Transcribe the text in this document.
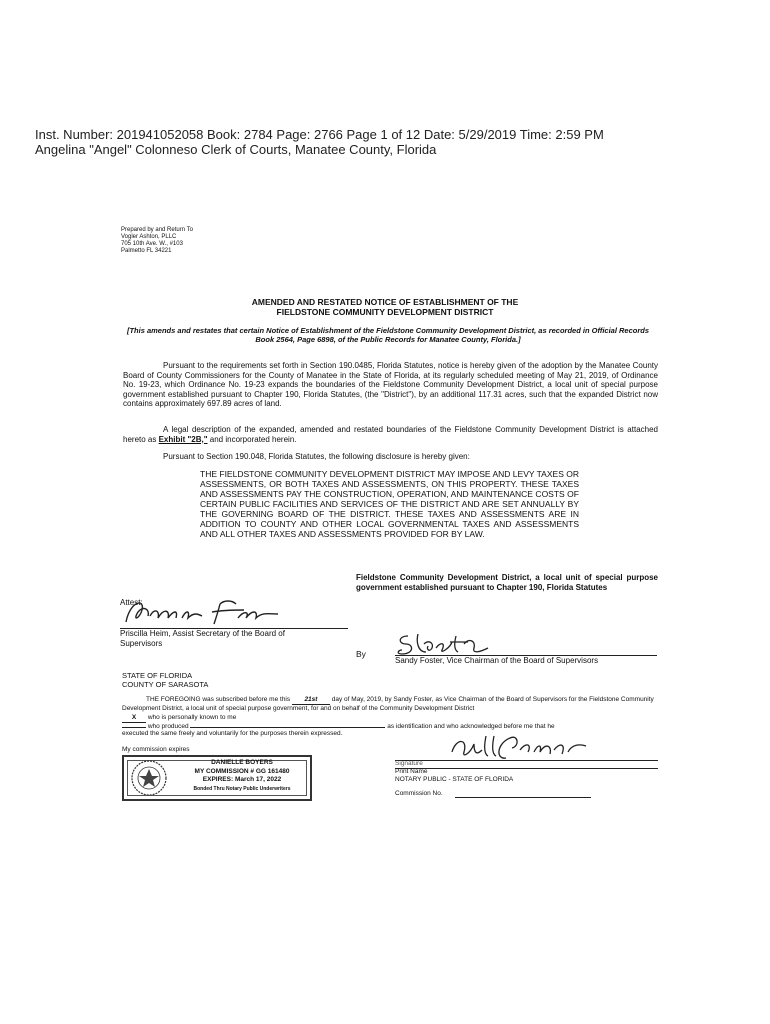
Inst. Number: 201941052058 Book: 2784 Page: 2766 Page 1 of 12 Date: 5/29/2019 Time: 2:59 PM
Angelina "Angel" Colonneso Clerk of Courts, Manatee County, Florida
Prepared by and Return To
Vogler Ashton, PLLC
705 10th Ave. W., #103
Palmetto FL 34221
AMENDED AND RESTATED NOTICE OF ESTABLISHMENT OF THE
FIELDSTONE COMMUNITY DEVELOPMENT DISTRICT
[This amends and restates that certain Notice of Establishment of the Fieldstone Community Development District, as recorded in Official Records Book 2564, Page 6898, of the Public Records for Manatee County, Florida.]
Pursuant to the requirements set forth in Section 190.0485, Florida Statutes, notice is hereby given of the adoption by the Manatee County Board of County Commissioners for the County of Manatee in the State of Florida, at its regularly scheduled meeting of May 21, 2019, of Ordinance No. 19-23, which Ordinance No. 19-23 expands the boundaries of the Fieldstone Community Development District, a local unit of special purpose government established pursuant to Chapter 190, Florida Statutes, (the "District"), by an additional 117.31 acres, such that the expanded District now contains approximately 697.89 acres of land.
A legal description of the expanded, amended and restated boundaries of the Fieldstone Community Development District is attached hereto as Exhibit "2B," and incorporated herein.
Pursuant to Section 190.048, Florida Statutes, the following disclosure is hereby given:
THE FIELDSTONE COMMUNITY DEVELOPMENT DISTRICT MAY IMPOSE AND LEVY TAXES OR ASSESSMENTS, OR BOTH TAXES AND ASSESSMENTS, ON THIS PROPERTY. THESE TAXES AND ASSESSMENTS PAY THE CONSTRUCTION, OPERATION, AND MAINTENANCE COSTS OF CERTAIN PUBLIC FACILITIES AND SERVICES OF THE DISTRICT AND ARE SET ANNUALLY BY THE GOVERNING BOARD OF THE DISTRICT. THESE TAXES AND ASSESSMENTS ARE IN ADDITION TO COUNTY AND OTHER LOCAL GOVERNMENTAL TAXES AND ASSESSMENTS AND ALL OTHER TAXES AND ASSESSMENTS PROVIDED FOR BY LAW.
Fieldstone Community Development District, a local unit of special purpose government established pursuant to Chapter 190, Florida Statutes
Attest:
Priscilla Heim, Assist Secretary of the Board of
Supervisors
By
Sandy Foster, Vice Chairman of the Board of Supervisors
STATE OF FLORIDA
COUNTY OF SARASOTA
THE FOREGOING was subscribed before me this 21st day of May, 2019, by Sandy Foster, as Vice Chairman of the Board of Supervisors for the Fieldstone Community Development District, a local unit of special purpose government, for and on behalf of the Community Development District
X who is personally known to me
who produced	as identification and who acknowledged before me that he
executed the same freely and voluntarily for the purposes therein expressed.
My commission expires
Signature
Print Name
NOTARY PUBLIC - STATE OF FLORIDA
Commission No.
DANIELLE BOYERS
MY COMMISSION # GG 161480
EXPIRES: March 17, 2022
Bonded Thru Notary Public Underwriters
